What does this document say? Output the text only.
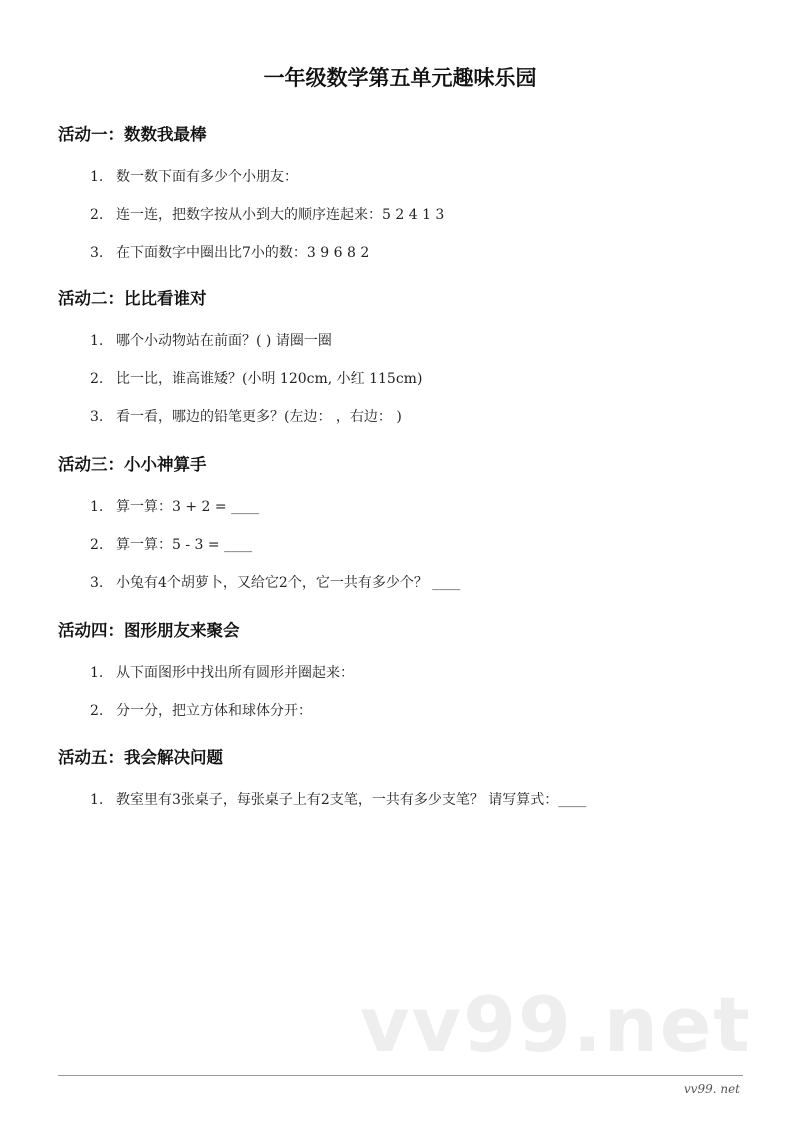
一年级数学第五单元趣味乐园
活动一：数数我最棒
1. 数一数下面有多少个小朋友：
2. 连一连，把数字按从小到大的顺序连起来：5 2 4 1 3
3. 在下面数字中圈出比7小的数：3 9 6 8 2
活动二：比比看谁对
1. 哪个小动物站在前面？( ) 请圈一圈
2. 比一比，谁高谁矮？(小明 120cm, 小红 115cm)
3. 看一看，哪边的铅笔更多？(左边： ，右边： )
活动三：小小神算手
1. 算一算：3 + 2 = ____
2. 算一算：5 - 3 = ____
3. 小兔有4个胡萝卜，又给它2个，它一共有多少个？ ____
活动四：图形朋友来聚会
1. 从下面图形中找出所有圆形并圈起来：
2. 分一分，把立方体和球体分开：
活动五：我会解决问题
1. 教室里有3张桌子，每张桌子上有2支笔，一共有多少支笔？ 请写算式：____
vv99.net
vv99. net
